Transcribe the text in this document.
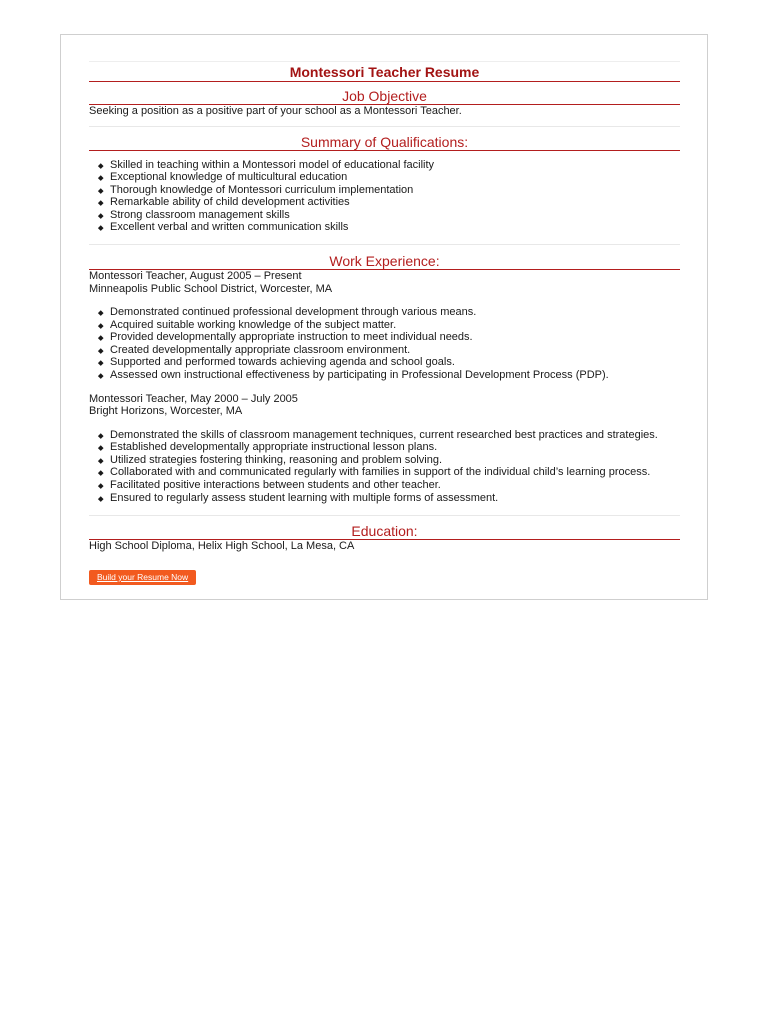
Montessori Teacher Resume
Job Objective
Seeking a position as a positive part of your school as a Montessori Teacher.
Summary of Qualifications:
Skilled in teaching within a Montessori model of educational facility
Exceptional knowledge of multicultural education
Thorough knowledge of Montessori curriculum implementation
Remarkable ability of child development activities
Strong classroom management skills
Excellent verbal and written communication skills
Work Experience:
Montessori Teacher, August 2005 – Present
Minneapolis Public School District, Worcester, MA
Demonstrated continued professional development through various means.
Acquired suitable working knowledge of the subject matter.
Provided developmentally appropriate instruction to meet individual needs.
Created developmentally appropriate classroom environment.
Supported and performed towards achieving agenda and school goals.
Assessed own instructional effectiveness by participating in Professional Development Process (PDP).
Montessori Teacher, May 2000 – July 2005
Bright Horizons, Worcester, MA
Demonstrated the skills of classroom management techniques, current researched best practices and strategies.
Established developmentally appropriate instructional lesson plans.
Utilized strategies fostering thinking, reasoning and problem solving.
Collaborated with and communicated regularly with families in support of the individual child’s learning process.
Facilitated positive interactions between students and other teacher.
Ensured to regularly assess student learning with multiple forms of assessment.
Education:
High School Diploma, Helix High School, La Mesa, CA
Build your Resume Now
